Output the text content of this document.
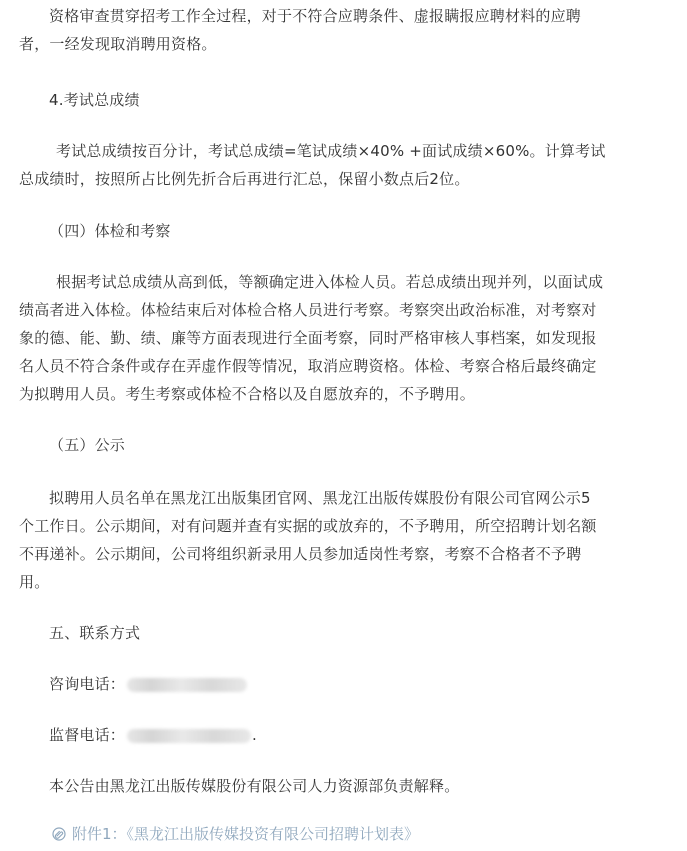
资格审查贯穿招考工作全过程，对于不符合应聘条件、虚报瞒报应聘材料的应聘
者，一经发现取消聘用资格。

4.考试总成绩

考试总成绩按百分计，考试总成绩=笔试成绩×40% +面试成绩×60%。计算考试
总成绩时，按照所占比例先折合后再进行汇总，保留小数点后2位。

（四）体检和考察

根据考试总成绩从高到低，等额确定进入体检人员。若总成绩出现并列，以面试成
绩高者进入体检。体检结束后对体检合格人员进行考察。考察突出政治标准，对考察对
象的德、能、勤、绩、廉等方面表现进行全面考察，同时严格审核人事档案，如发现报
名人员不符合条件或存在弄虚作假等情况，取消应聘资格。体检、考察合格后最终确定
为拟聘用人员。考生考察或体检不合格以及自愿放弃的，不予聘用。

（五）公示

拟聘用人员名单在黑龙江出版集团官网、黑龙江出版传媒股份有限公司官网公示5
个工作日。公示期间，对有问题并查有实据的或放弃的，不予聘用，所空招聘计划名额
不再递补。公示期间，公司将组织新录用人员参加适岗性考察，考察不合格者不予聘
用。

五、联系方式

咨询电话：

监督电话：	.

本公告由黑龙江出版传媒股份有限公司人力资源部负责解释。

附件1：《黑龙江出版传媒投资有限公司招聘计划表》
